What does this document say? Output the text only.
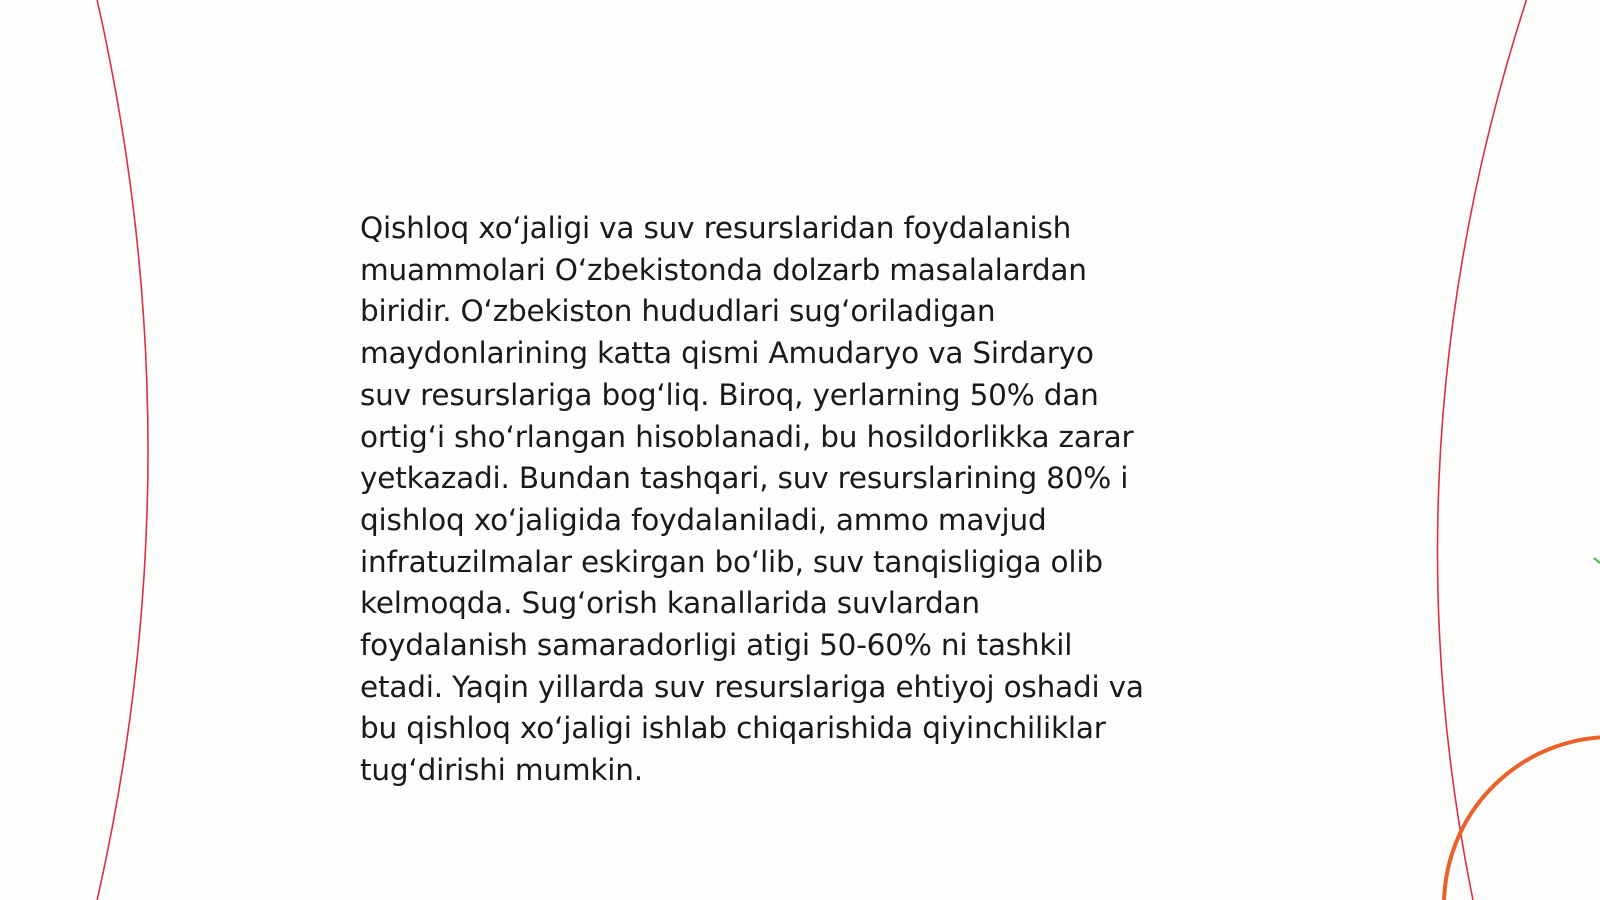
Qishloq xo‘jaligi va suv resurslaridan foydalanish
muammolari O‘zbekistonda dolzarb masalalardan
biridir. O‘zbekiston hududlari sug‘oriladigan
maydonlarining katta qismi Amudaryo va Sirdaryo
suv resurslariga bog‘liq. Biroq, yerlarning 50% dan
ortig‘i sho‘rlangan hisoblanadi, bu hosildorlikka zarar
yetkazadi. Bundan tashqari, suv resurslarining 80% i
qishloq xo‘jaligida foydalaniladi, ammo mavjud
infratuzilmalar eskirgan bo‘lib, suv tanqisligiga olib
kelmoqda. Sug‘orish kanallarida suvlardan
foydalanish samaradorligi atigi 50-60% ni tashkil
etadi. Yaqin yillarda suv resurslariga ehtiyoj oshadi va
bu qishloq xo‘jaligi ishlab chiqarishida qiyinchiliklar
tug‘dirishi mumkin.
